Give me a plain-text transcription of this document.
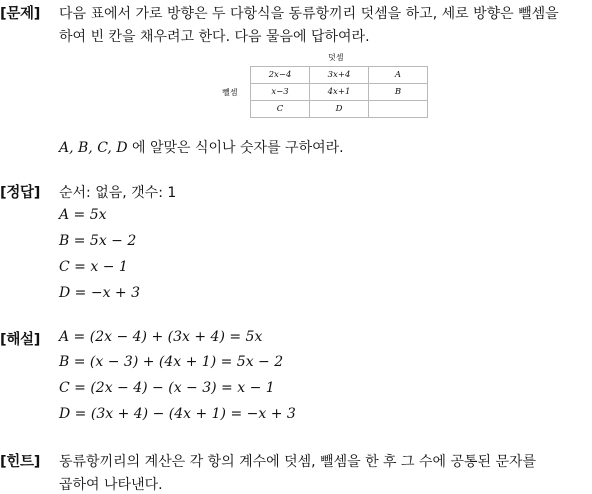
[문제] 다음 표에서 가로 방향은 두 다항식을 동류항끼리 덧셈을 하고, 세로 방향은 뺄셈을
하여 빈 칸을 채우려고 한다. 다음 물음에 답하여라.
덧셈
뺄셈
2x−4	3x+4	A
x−3	4x+1	B
C	D	
A, B, C, D 에 알맞은 식이나 숫자를 구하여라.
[정답] 순서: 없음, 갯수: 1
A = 5x
B = 5x − 2
C = x − 1
D = −x + 3
[해설] A = (2x − 4) + (3x + 4) = 5x
B = (x − 3) + (4x + 1) = 5x − 2
C = (2x − 4) − (x − 3) = x − 1
D = (3x + 4) − (4x + 1) = −x + 3
[힌트] 동류항끼리의 계산은 각 항의 계수에 덧셈, 뺄셈을 한 후 그 수에 공통된 문자를
곱하여 나타낸다.
